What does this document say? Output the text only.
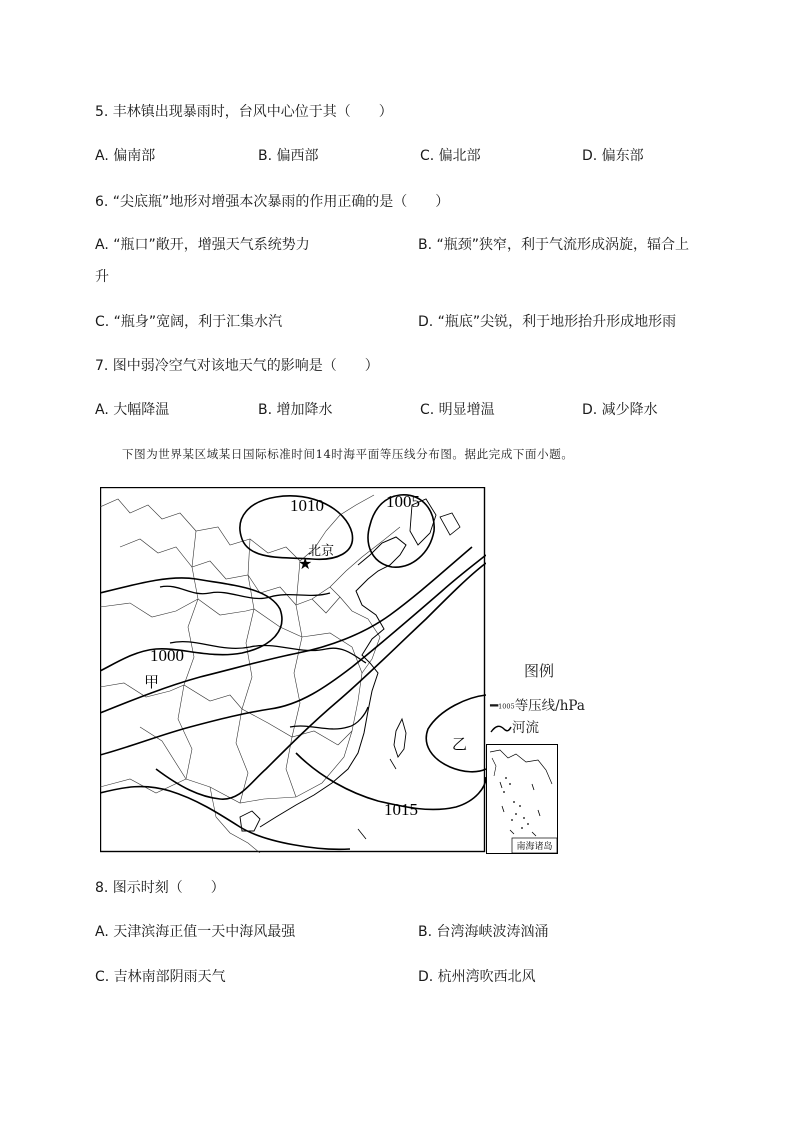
5. 丰林镇出现暴雨时，台风中心位于其（　　）
A. 偏南部	B. 偏西部	C. 偏北部	D. 偏东部
6. “尖底瓶”地形对增强本次暴雨的作用正确的是（　　）
A. “瓶口”敞开，增强天气系统势力	B. “瓶颈”狭窄，利于气流形成涡旋，辐合上
升
C. “瓶身”宽阔，利于汇集水汽	D. “瓶底”尖锐，利于地形抬升形成地形雨
7. 图中弱冷空气对该地天气的影响是（　　）
A. 大幅降温	B. 增加降水	C. 明显增温	D. 减少降水
下图为世界某区域某日国际标准时间14时海平面等压线分布图。据此完成下面小题。
1010	1005
1000
1015
北京
★
甲
乙
图例
━1005等压线/hPa
河流
南海诸岛
8. 图示时刻（　　）
A. 天津滨海正值一天中海风最强	B. 台湾海峡波涛汹涌
C. 吉林南部阴雨天气	D. 杭州湾吹西北风
